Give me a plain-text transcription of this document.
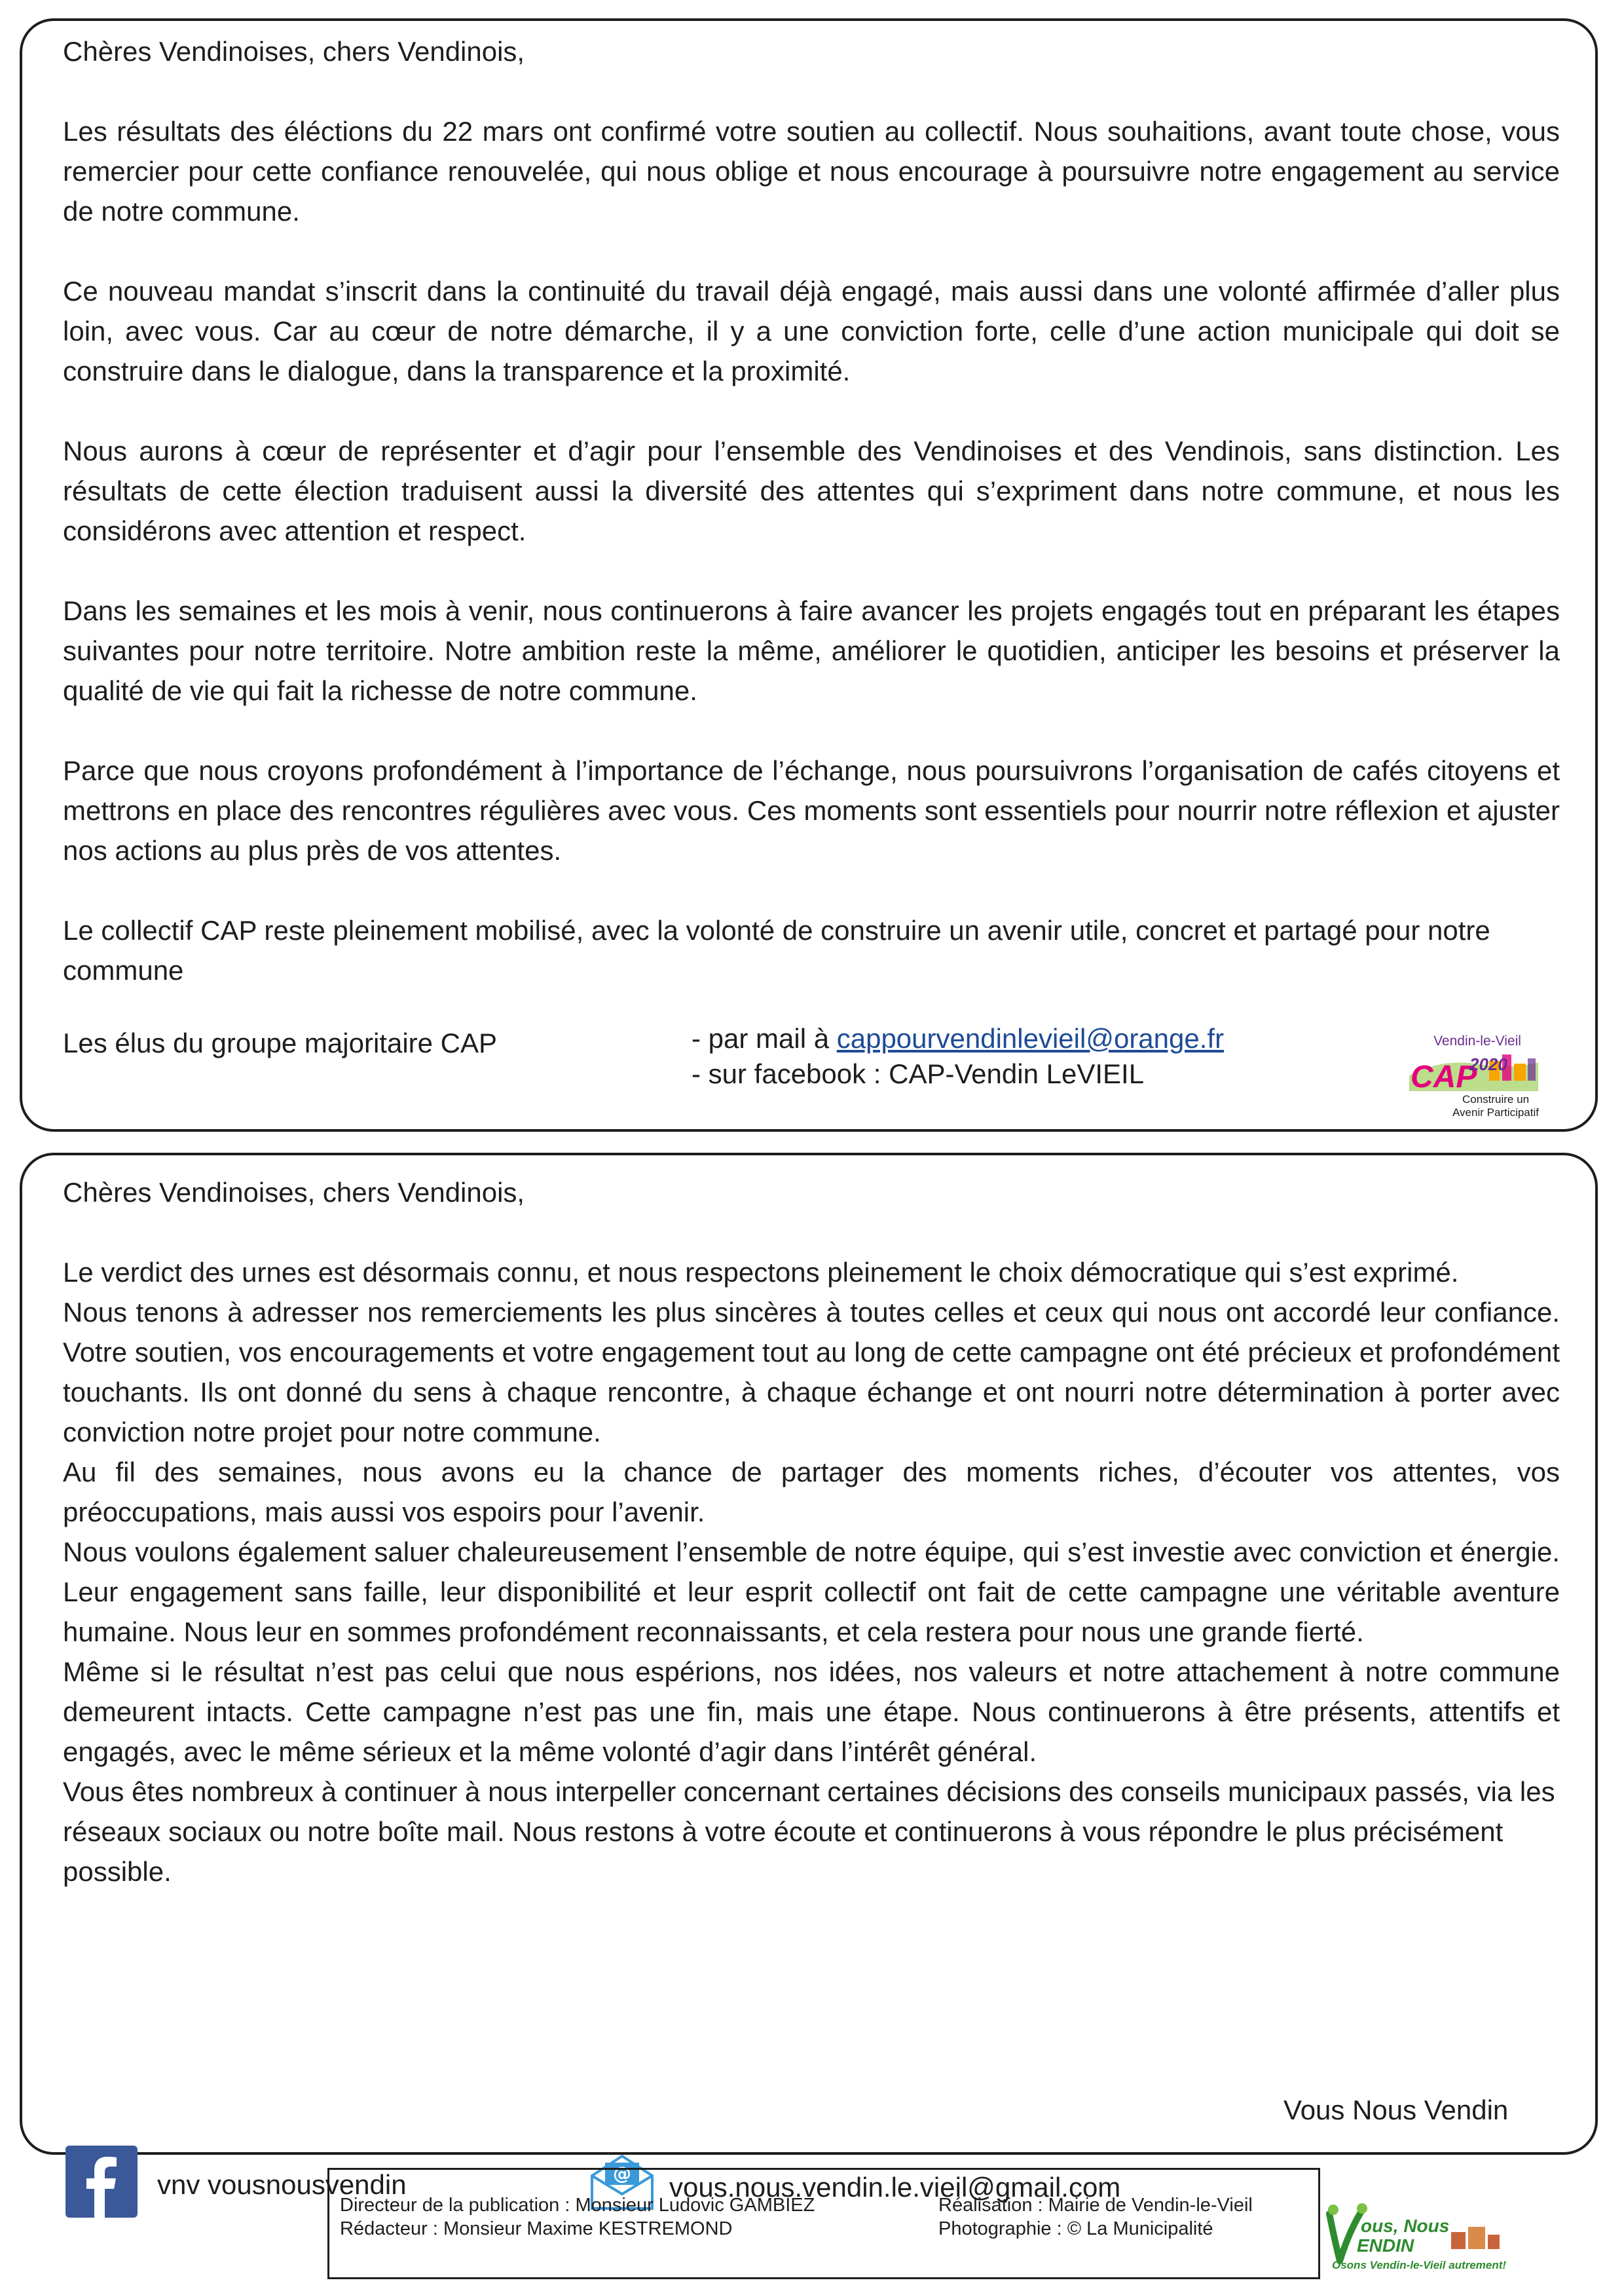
Chères Vendinoises, chers Vendinois,

Les résultats des éléctions du 22 mars ont confirmé votre soutien au collectif. Nous souhaitions, avant toute chose, vous remercier pour cette confiance renouvelée, qui nous oblige et nous encourage à poursuivre notre engagement au service de notre commune.

Ce nouveau mandat s’inscrit dans la continuité du travail déjà engagé, mais aussi dans une volonté affirmée d’aller plus loin, avec vous. Car au cœur de notre démarche, il y a une conviction forte, celle d’une action municipale qui doit se construire dans le dialogue, dans la transparence et la proximité.

Nous aurons à cœur de représenter et d’agir pour l’ensemble des Vendinoises et des Vendinois, sans distinction. Les résultats de cette élection traduisent aussi la diversité des attentes qui s’expriment dans notre commune, et nous les considérons avec attention et respect.

Dans les semaines et les mois à venir, nous continuerons à faire avancer les projets engagés tout en préparant les étapes suivantes pour notre territoire. Notre ambition reste la même, améliorer le quotidien, anticiper les besoins et préserver la qualité de vie qui fait la richesse de notre commune.

Parce que nous croyons profondément à l’importance de l’échange, nous poursuivrons l’organisation de cafés citoyens et mettrons en place des rencontres régulières avec vous. Ces moments sont essentiels pour nourrir notre réflexion et ajuster nos actions au plus près de vos attentes.

Le collectif CAP reste pleinement mobilisé, avec la volonté de construire un avenir utile, concret et partagé pour notre commune

Les élus du groupe majoritaire CAP	- par mail à cappourvendinlevieil@orange.fr
- sur facebook : CAP-Vendin LeVIEIL
Vendin-le-Vieil
CAP
2020
Construire un
Avenir Participatif

Chères Vendinoises, chers Vendinois,

Le verdict des urnes est désormais connu, et nous respectons pleinement le choix démocratique qui s’est exprimé.

Nous tenons à adresser nos remerciements les plus sincères à toutes celles et ceux qui nous ont accordé leur confiance. Votre soutien, vos encouragements et votre engagement tout au long de cette campagne ont été précieux et profondément touchants. Ils ont donné du sens à chaque rencontre, à chaque échange et ont nourri notre détermination à porter avec conviction notre projet pour notre commune.

Au fil des semaines, nous avons eu la chance de partager des moments riches, d’écouter vos attentes, vos préoccupations, mais aussi vos espoirs pour l’avenir.

Nous voulons également saluer chaleureusement l’ensemble de notre équipe, qui s’est investie avec conviction et énergie. Leur engagement sans faille, leur disponibilité et leur esprit collectif ont fait de cette campagne une véritable aventure humaine. Nous leur en sommes profondément reconnaissants, et cela restera pour nous une grande fierté.

Même si le résultat n’est pas celui que nous espérions, nos idées, nos valeurs et notre attachement à notre commune demeurent intacts. Cette campagne n’est pas une fin, mais une étape. Nous continuerons à être présents, attentifs et engagés, avec le même sérieux et la même volonté d’agir dans l’intérêt général.

Vous êtes nombreux à continuer à nous interpeller concernant certaines décisions des conseils municipaux passés, via les réseaux sociaux ou notre boîte mail. Nous restons à votre écoute et continuerons à vous répondre le plus précisément possible.

vnv vousnousvendin	@ vous.nous.vendin.le.vieil@gmail.com
ous, Nous
ENDIN
Osons Vendin-le-Vieil autrement!
Vous Nous Vendin
Directeur de la publication : Monsieur Ludovic GAMBIEZ
Rédacteur : Monsieur Maxime KESTREMOND
Réalisation : Mairie de Vendin-le-Vieil
Photographie : © La Municipalité
